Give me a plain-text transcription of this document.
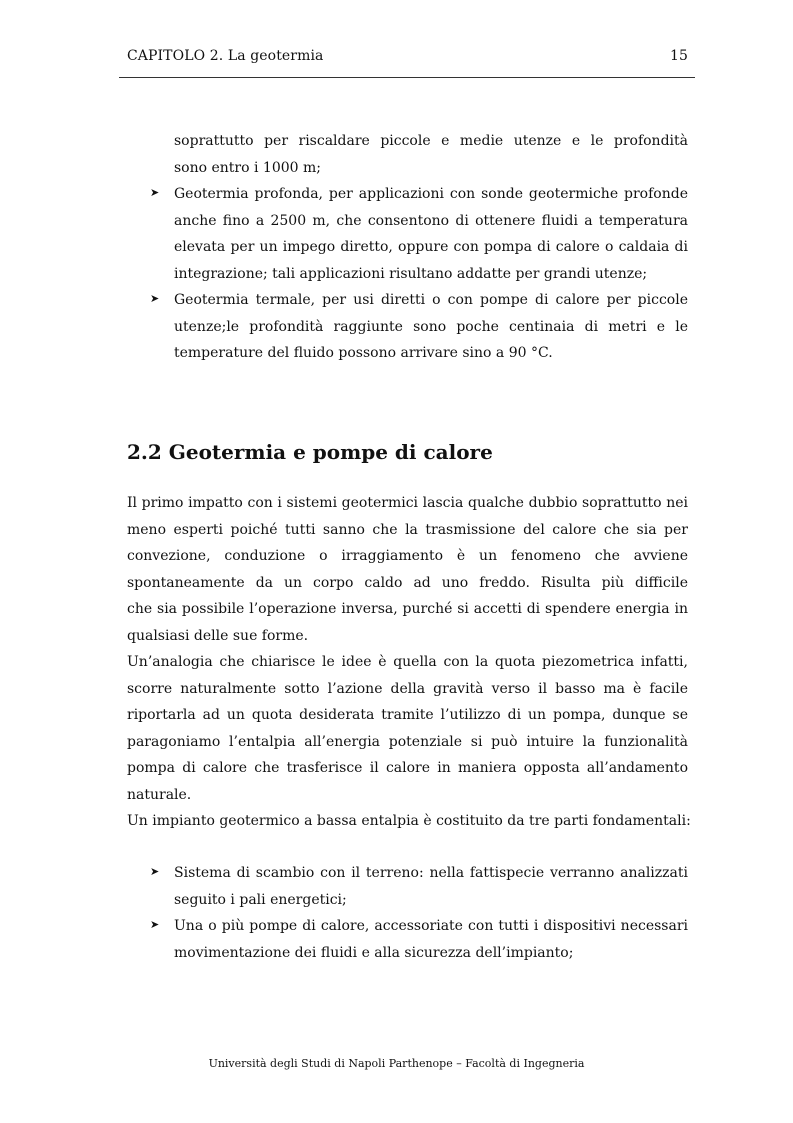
CAPITOLO 2. La geotermia	15
soprattutto per riscaldare piccole e medie utenze e le profondità
sono entro i 1000 m;
➤ Geotermia profonda, per applicazioni con sonde geotermiche profonde
anche fino a 2500 m, che consentono di ottenere fluidi a temperatura
elevata per un impego diretto, oppure con pompa di calore o caldaia di
integrazione; tali applicazioni risultano addatte per grandi utenze;
➤ Geotermia termale, per usi diretti o con pompe di calore per piccole
utenze;le profondità raggiunte sono poche centinaia di metri e le
temperature del fluido possono arrivare sino a 90 °C.
2.2 Geotermia e pompe di calore
Il primo impatto con i sistemi geotermici lascia qualche dubbio soprattutto nei
meno esperti poiché tutti sanno che la trasmissione del calore che sia per
convezione, conduzione o irraggiamento è un fenomeno che avviene
spontaneamente da un corpo caldo ad uno freddo. Risulta più difficile
che sia possibile l’operazione inversa, purché si accetti di spendere energia in
qualsiasi delle sue forme.
Un’analogia che chiarisce le idee è quella con la quota piezometrica infatti,
scorre naturalmente sotto l’azione della gravità verso il basso ma è facile
riportarla ad un quota desiderata tramite l’utilizzo di un pompa, dunque se
paragoniamo l’entalpia all’energia potenziale si può intuire la funzionalità
pompa di calore che trasferisce il calore in maniera opposta all’andamento
naturale.
Un impianto geotermico a bassa entalpia è costituito da tre parti fondamentali:
➤ Sistema di scambio con il terreno: nella fattispecie verranno analizzati
seguito i pali energetici;
➤ Una o più pompe di calore, accessoriate con tutti i dispositivi necessari
movimentazione dei fluidi e alla sicurezza dell’impianto;
Università degli Studi di Napoli Parthenope – Facoltà di Ingegneria
